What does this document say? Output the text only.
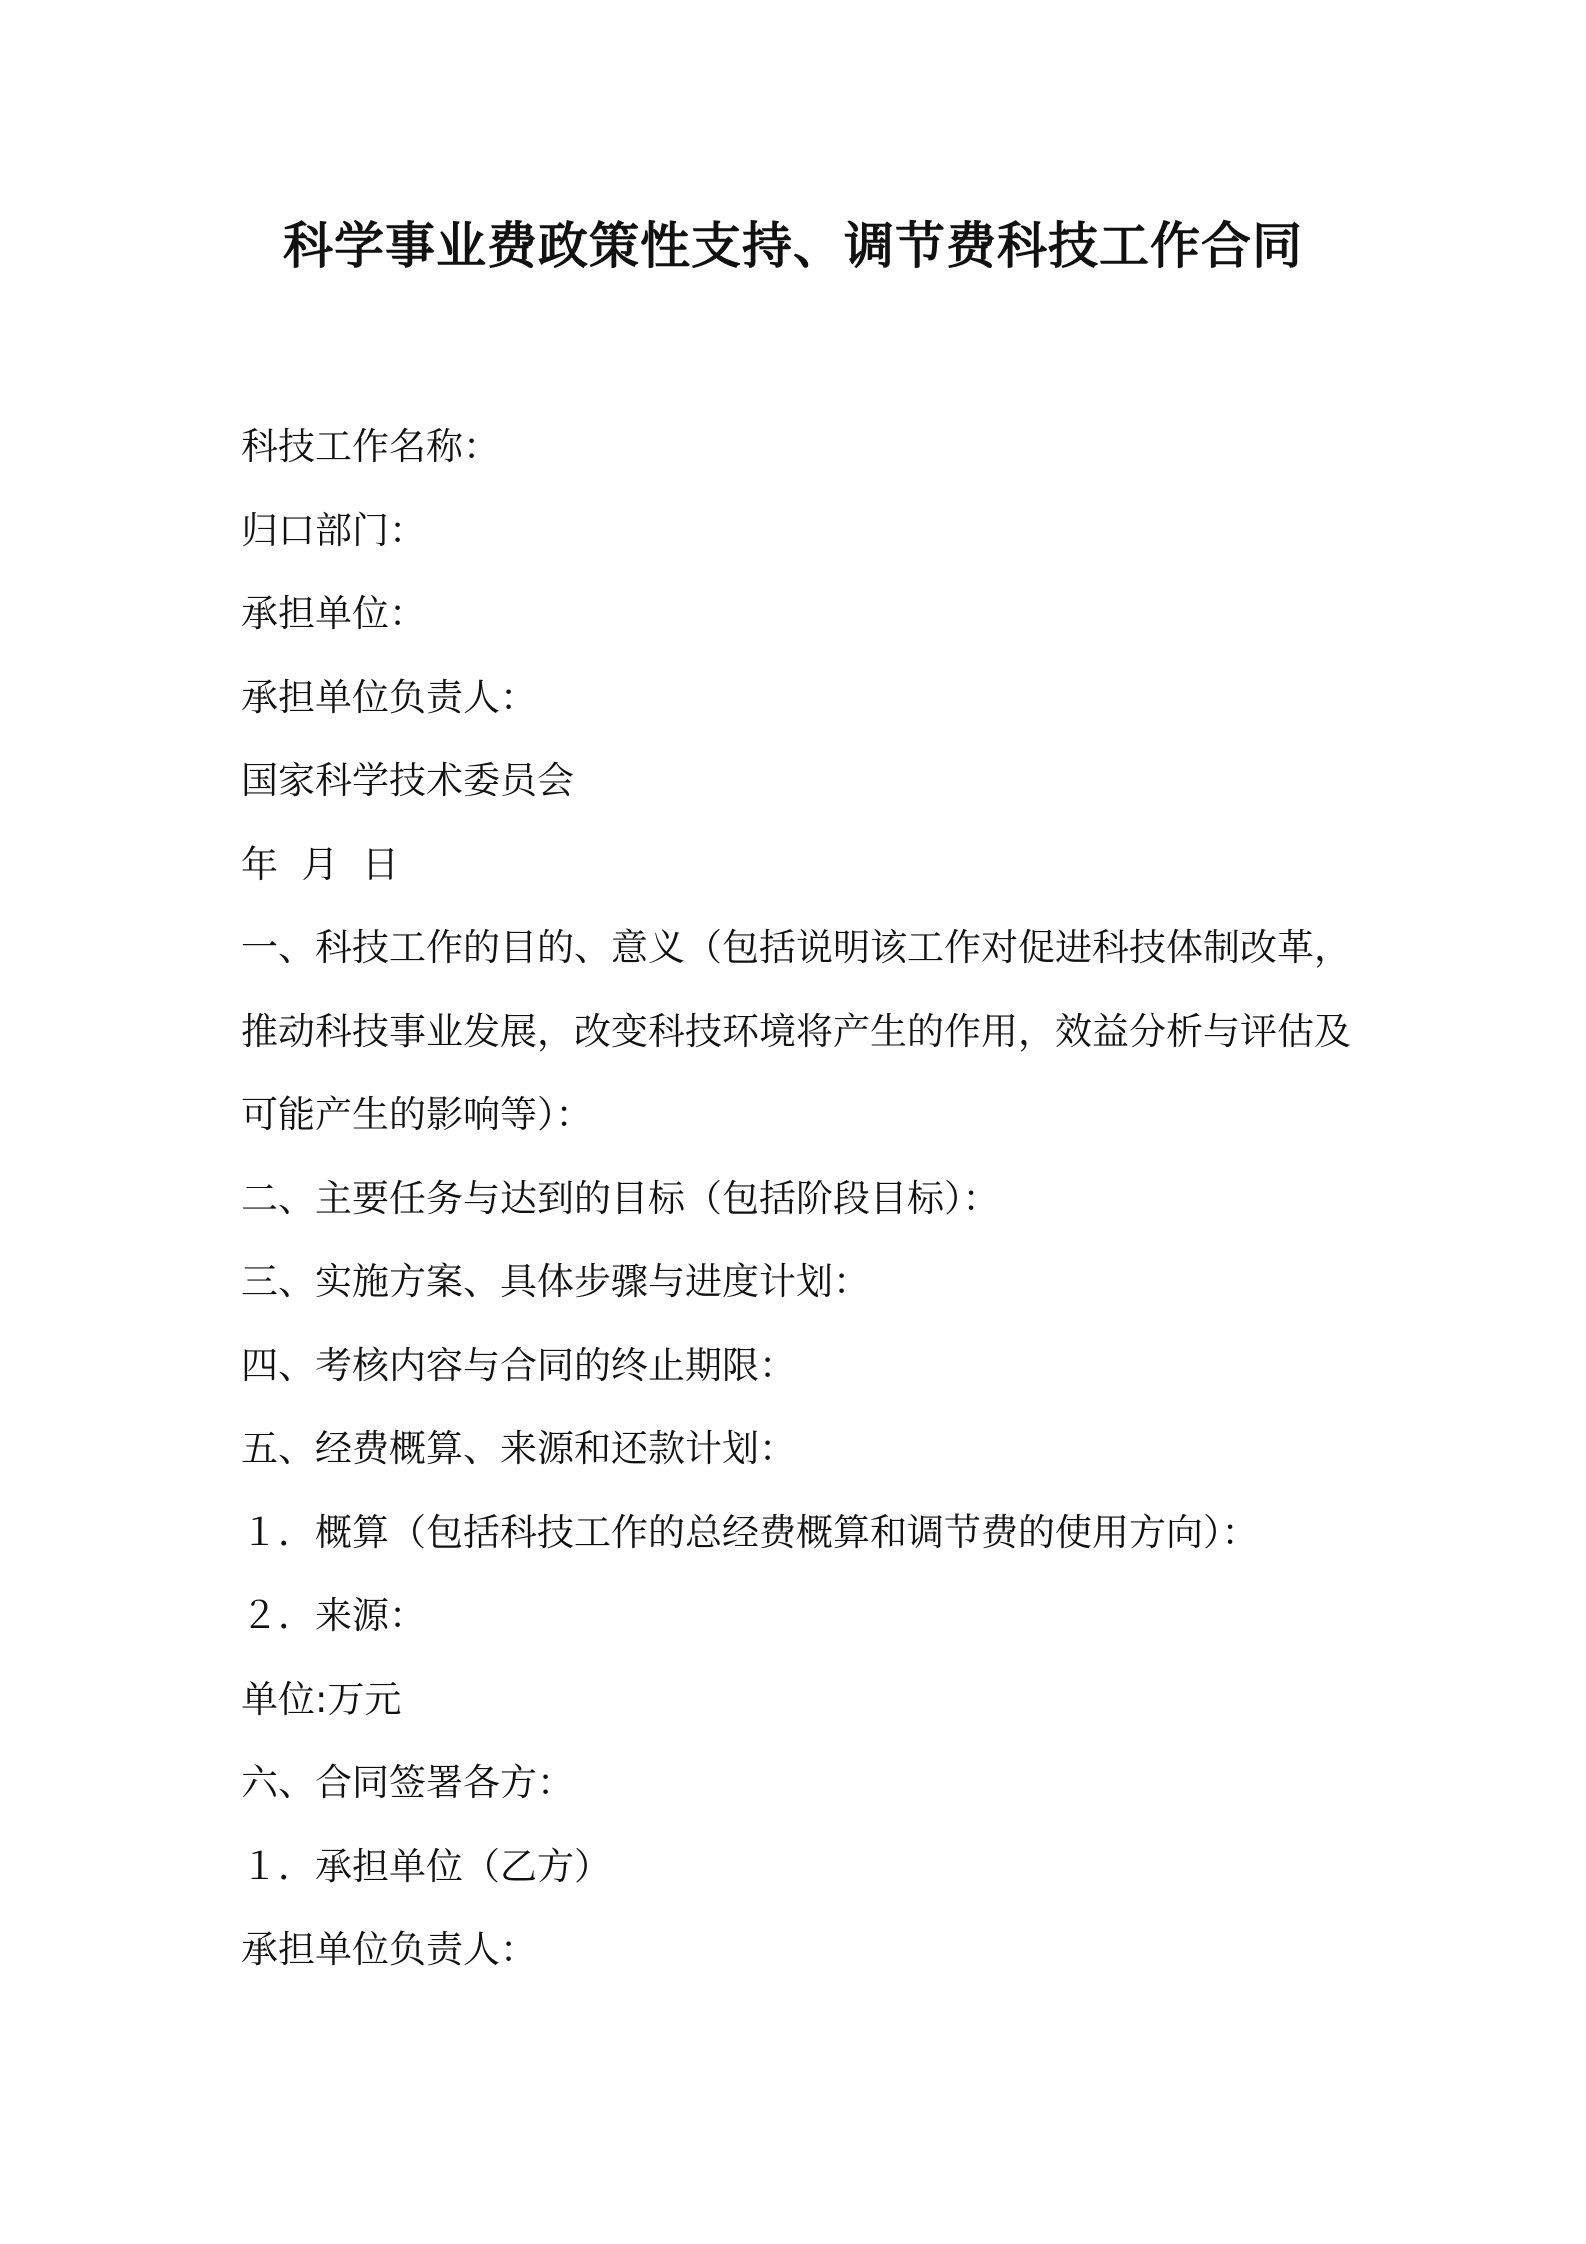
科学事业费政策性支持、调节费科技工作合同

科技工作名称：

归口部门：

承担单位：

承担单位负责人：

国家科学技术委员会

年  月  日

一、科技工作的目的、意义（包括说明该工作对促进科技体制改革，

推动科技事业发展，改变科技环境将产生的作用，效益分析与评估及

可能产生的影响等）：

二、主要任务与达到的目标（包括阶段目标）：

三、实施方案、具体步骤与进度计划：

四、考核内容与合同的终止期限：

五、经费概算、来源和还款计划：

１．概算（包括科技工作的总经费概算和调节费的使用方向）：

２．来源：

单位:万元

六、合同签署各方：

１．承担单位（乙方）

承担单位负责人：
